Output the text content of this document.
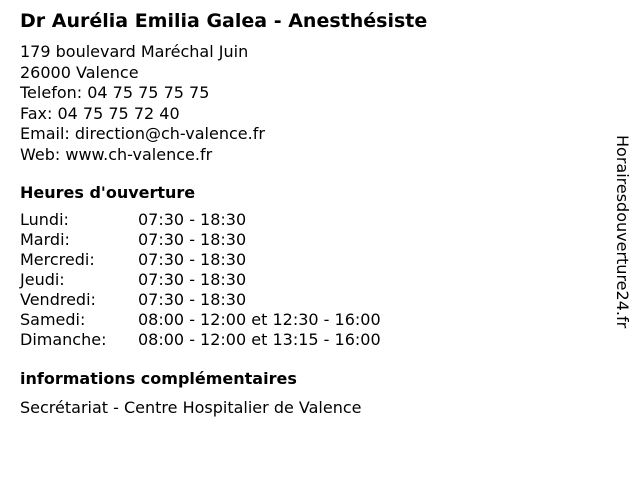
Dr Aurélia Emilia Galea - Anesthésiste
179 boulevard Maréchal Juin
26000 Valence
Telefon: 04 75 75 75 75
Fax: 04 75 75 72 40
Email: direction@ch-valence.fr
Web: www.ch-valence.fr
Heures d'ouverture
Lundi:	07:30 - 18:30
Mardi:	07:30 - 18:30
Mercredi:	07:30 - 18:30
Jeudi:	07:30 - 18:30
Vendredi:	07:30 - 18:30
Samedi:	08:00 - 12:00 et 12:30 - 16:00
Dimanche:	08:00 - 12:00 et 13:15 - 16:00
informations complémentaires
Secrétariat - Centre Hospitalier de Valence
Horairesdouverture24.fr
